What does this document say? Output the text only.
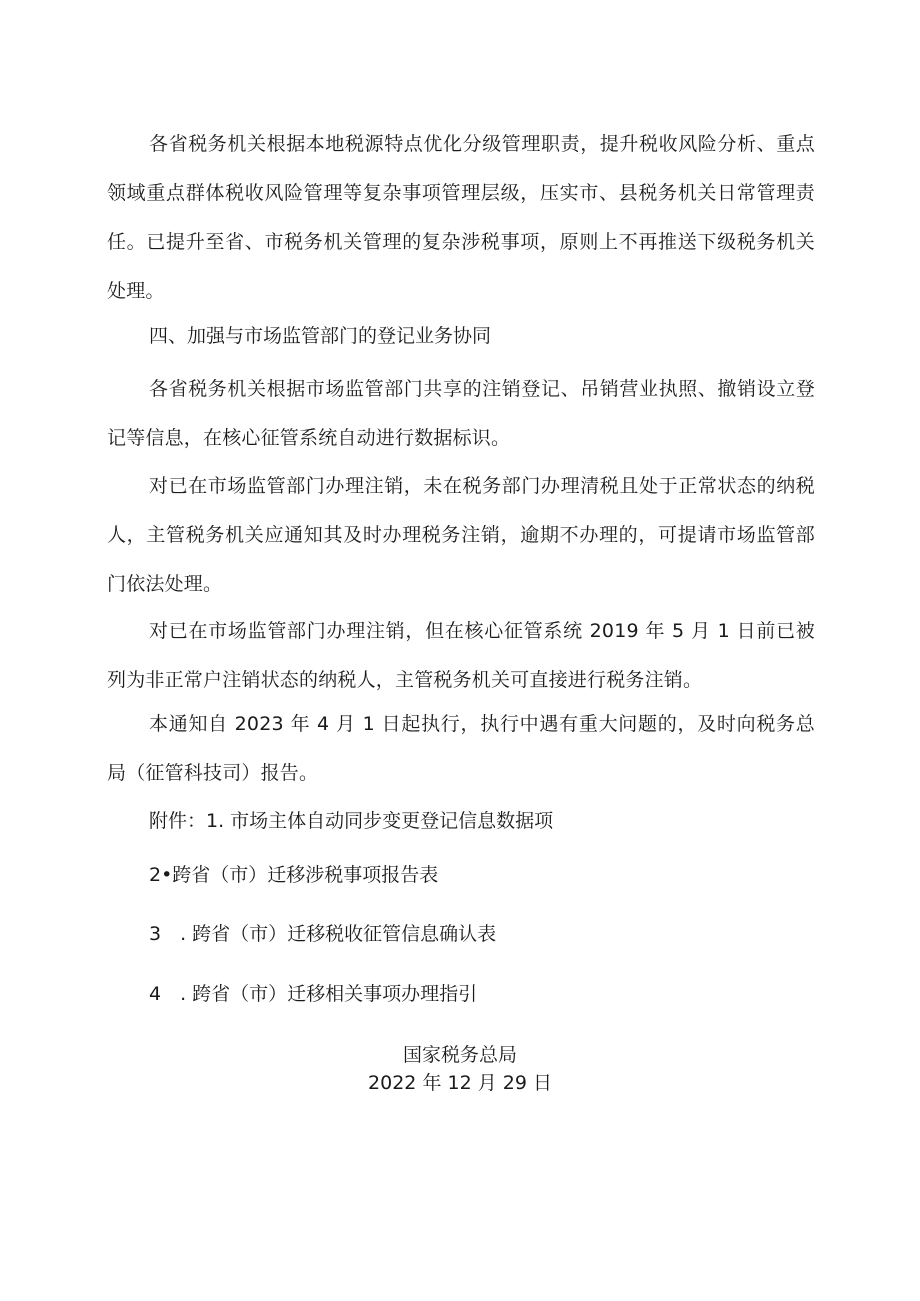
各省税务机关根据本地税源特点优化分级管理职责，提升税收风险分析、重点领域重点群体税收风险管理等复杂事项管理层级，压实市、县税务机关日常管理责任。已提升至省、市税务机关管理的复杂涉税事项，原则上不再推送下级税务机关处理。

四、加强与市场监管部门的登记业务协同

各省税务机关根据市场监管部门共享的注销登记、吊销营业执照、撤销设立登记等信息，在核心征管系统自动进行数据标识。

对已在市场监管部门办理注销，未在税务部门办理清税且处于正常状态的纳税人，主管税务机关应通知其及时办理税务注销，逾期不办理的，可提请市场监管部门依法处理。

对已在市场监管部门办理注销，但在核心征管系统 2019 年 5 月 1 日前已被列为非正常户注销状态的纳税人，主管税务机关可直接进行税务注销。

本通知自 2023 年 4 月 1 日起执行，执行中遇有重大问题的，及时向税务总局（征管科技司）报告。

附件：1. 市场主体自动同步变更登记信息数据项

2•跨省（市）迁移涉税事项报告表

3　. 跨省（市）迁移税收征管信息确认表

4　. 跨省（市）迁移相关事项办理指引

国家税务总局

2022 年 12 月 29 日
